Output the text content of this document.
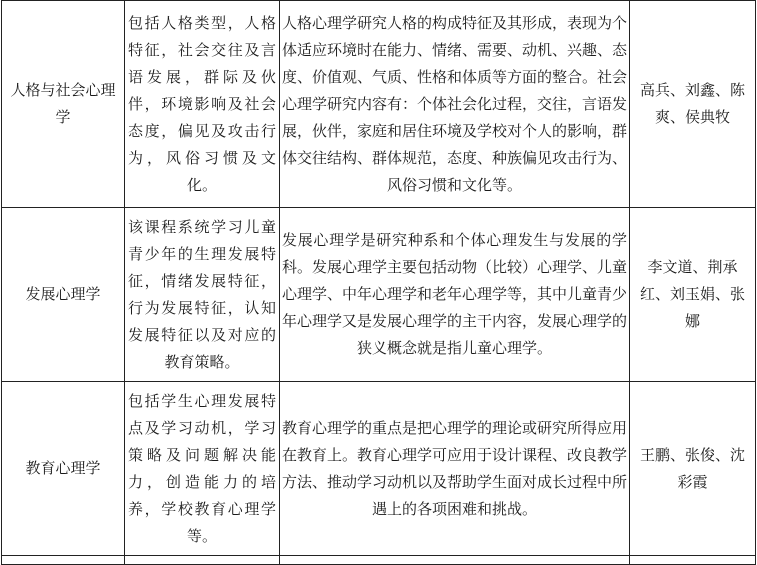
人格与社会心理学	包括人格类型，人格特征，社会交往及言语发展，群际及伙伴，环境影响及社会态度，偏见及攻击行为，风俗习惯及文化。	人格心理学研究人格的构成特征及其形成，表现为个体适应环境时在能力、情绪、需要、动机、兴趣、态度、价值观、气质、性格和体质等方面的整合。社会心理学研究内容有：个体社会化过程，交往，言语发展，伙伴，家庭和居住环境及学校对个人的影响，群体交往结构、群体规范，态度、种族偏见攻击行为、风俗习惯和文化等。	高兵、刘鑫、陈爽、侯典牧
发展心理学	该课程系统学习儿童青少年的生理发展特征，情绪发展特征，行为发展特征，认知发展特征以及对应的教育策略。	发展心理学是研究种系和个体心理发生与发展的学科。发展心理学主要包括动物（比较）心理学、儿童心理学、中年心理学和老年心理学等，其中儿童青少年心理学又是发展心理学的主干内容，发展心理学的狭义概念就是指儿童心理学。	李文道、荆承红、刘玉娟、张娜
教育心理学	包括学生心理发展特点及学习动机，学习策略及问题解决能力，创造能力的培养，学校教育心理学等。	教育心理学的重点是把心理学的理论或研究所得应用在教育上。教育心理学可应用于设计课程、改良教学方法、推动学习动机以及帮助学生面对成长过程中所遇上的各项困难和挑战。	王鹏、张俊、沈彩霞
